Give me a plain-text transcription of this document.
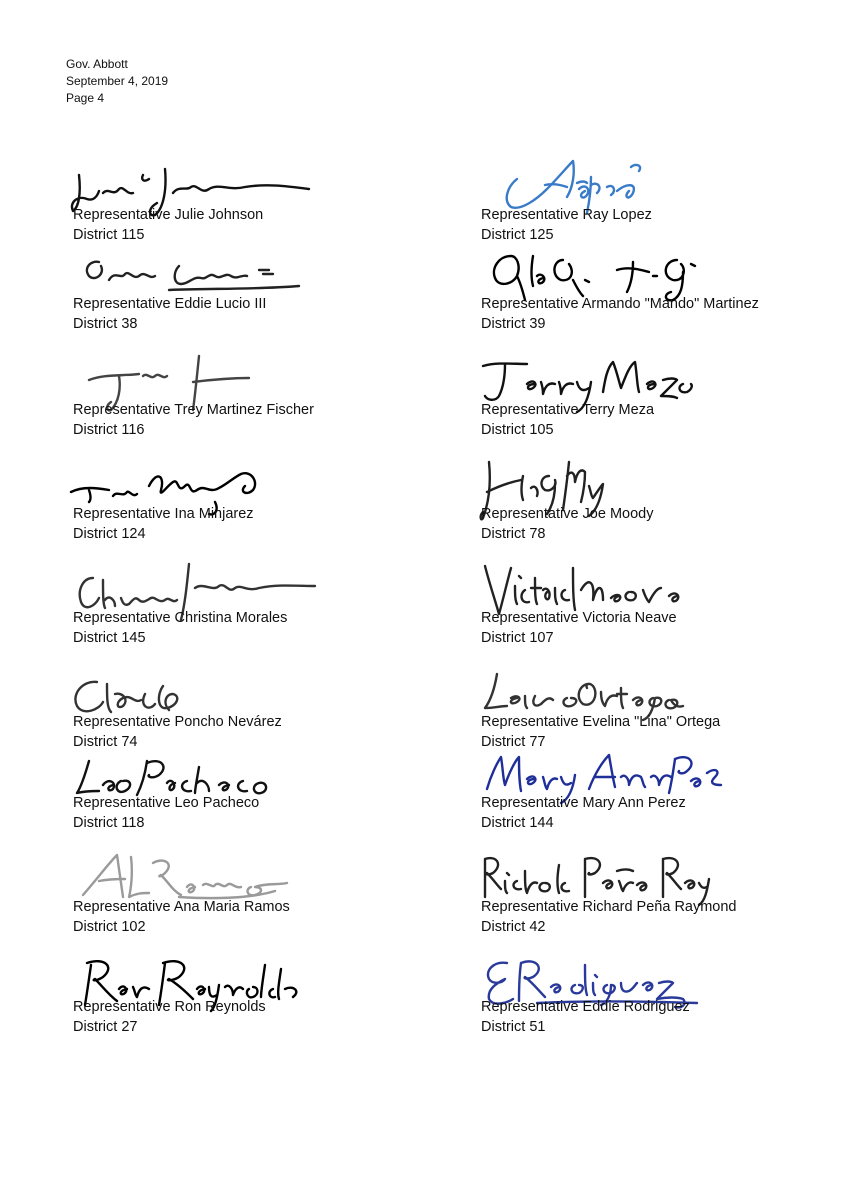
Gov. Abbott
September 4, 2019
Page 4
Representative Julie Johnson
District 115
Representative Eddie Lucio III
District 38
Representative Trey Martinez Fischer
District 116
Representative Ina Minjarez
District 124
Representative Christina Morales
District 145
Representative Poncho Nevárez
District 74
Representative Leo Pacheco
District 118
Representative Ana Maria Ramos
District 102
Representative Ron Reynolds
District 27
Representative Ray Lopez
District 125
Representative Armando "Mando" Martinez
District 39
Representative Terry Meza
District 105
Representative Joe Moody
District 78
Representative Victoria Neave
District 107
Representative Evelina "Lina" Ortega
District 77
Representative Mary Ann Perez
District 144
Representative Richard Peña Raymond
District 42
Representative Eddie Rodriguez
District 51
